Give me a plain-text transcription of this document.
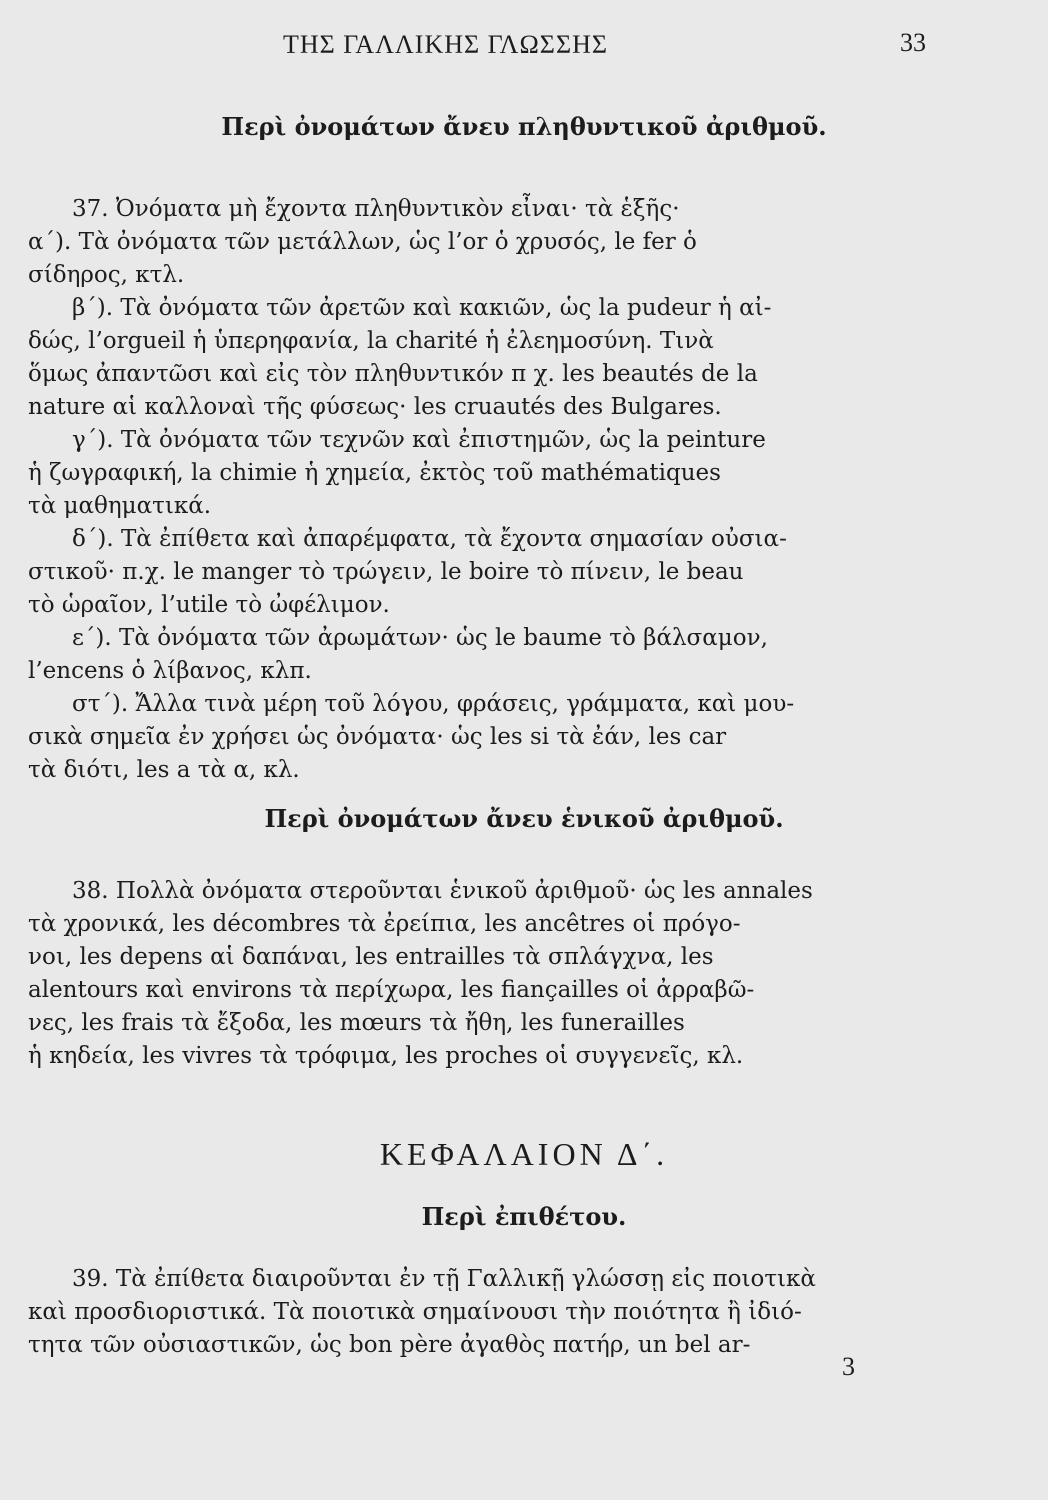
ΤΗΣ ΓΑΛΛΙΚΗΣ ΓΛΩΣΣΗΣ	33
Περὶ ὀνομάτων ἄνευ πληθυντικοῦ ἀριθμοῦ.
37. Ὀνόματα μὴ ἔχοντα πληθυντικὸν εἶναι· τὰ ἑξῆς·
α΄). Τὰ ὀνόματα τῶν μετάλλων, ὡς l’or ὁ χρυσός, le fer ὁ
σίδηρος, κτλ.
β΄). Τὰ ὀνόματα τῶν ἀρετῶν καὶ κακιῶν, ὡς la pudeur ἡ αἰ-
δώς, l’orgueil ἡ ὑπερηφανία, la charité ἡ ἐλεημοσύνη. Τινὰ
ὅμως ἀπαντῶσι καὶ εἰς τὸν πληθυντικόν π χ. les beautés de la
nature αἱ καλλοναὶ τῆς φύσεως· les cruautés des Bulgares.
γ΄). Τὰ ὀνόματα τῶν τεχνῶν καὶ ἐπιστημῶν, ὡς la peinture
ἡ ζωγραφική, la chimie ἡ χημεία, ἐκτὸς τοῦ mathématiques
τὰ μαθηματικά.
δ΄). Τὰ ἐπίθετα καὶ ἀπαρέμφατα, τὰ ἔχοντα σημασίαν οὐσια-
στικοῦ· π.χ. le manger τὸ τρώγειν, le boire τὸ πίνειν, le beau
τὸ ὡραῖον, l’utile τὸ ὠφέλιμον.
ε΄). Τὰ ὀνόματα τῶν ἀρωμάτων· ὡς le baume τὸ βάλσαμον,
l’encens ὁ λίβανος, κλπ.
στ΄). Ἄλλα τινὰ μέρη τοῦ λόγου, φράσεις, γράμματα, καὶ μου-
σικὰ σημεῖα ἐν χρήσει ὡς ὀνόματα· ὡς les si τὰ ἐάν, les car
τὰ διότι, les a τὰ α, κλ.
Περὶ ὀνομάτων ἄνευ ἑνικοῦ ἀριθμοῦ.
38. Πολλὰ ὀνόματα στεροῦνται ἑνικοῦ ἀριθμοῦ· ὡς les annales
τὰ χρονικά, les décombres τὰ ἐρείπια, les ancêtres οἱ πρόγο-
νοι, les depens αἱ δαπάναι, les entrailles τὰ σπλάγχνα, les
alentours καὶ environs τὰ περίχωρα, les fiançailles οἱ ἀρραβῶ-
νες, les frais τὰ ἔξοδα, les mœurs τὰ ἤθη, les funerailles
ἡ κηδεία, les vivres τὰ τρόφιμα, les proches οἱ συγγενεῖς, κλ.
ΚΕΦΑΛΑΙΟΝ Δ΄.
Περὶ ἐπιθέτου.
39. Τὰ ἐπίθετα διαιροῦνται ἐν τῇ Γαλλικῇ γλώσσῃ εἰς ποιοτικὰ
καὶ προσδιοριστικά. Τὰ ποιοτικὰ σημαίνουσι τὴν ποιότητα ἢ ἰδιό-
τητα τῶν οὐσιαστικῶν, ὡς bon père ἀγαθὸς πατήρ, un bel ar-
3
